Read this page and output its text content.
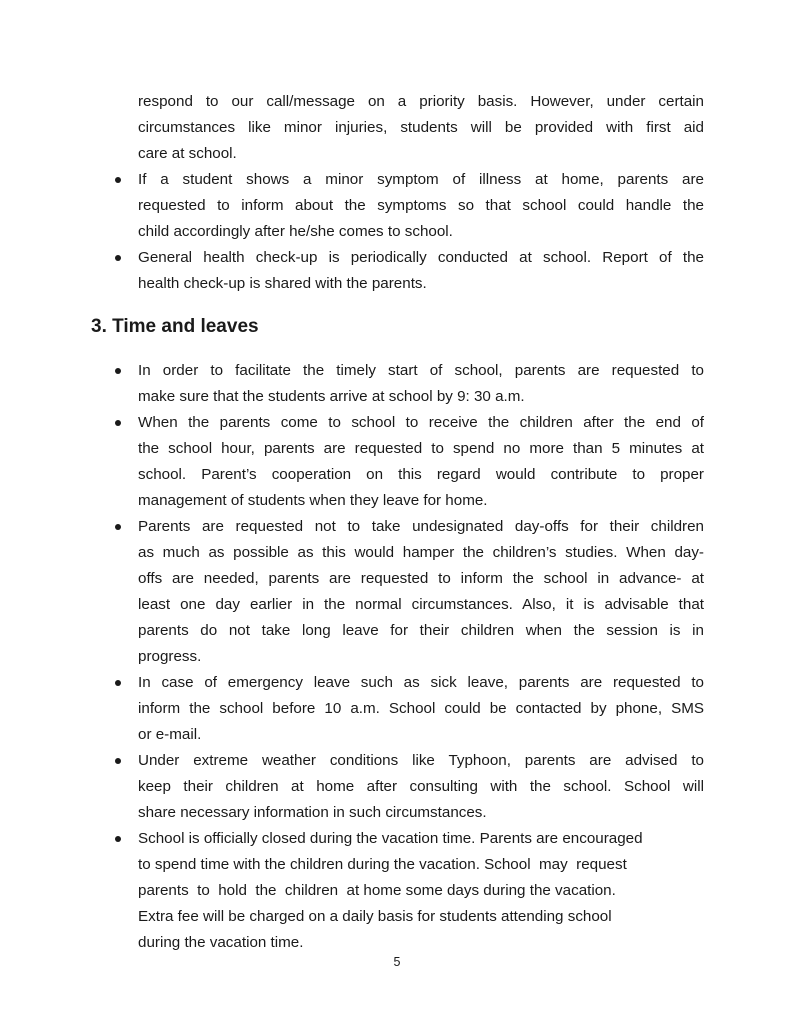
respond to our call/message on a priority basis. However, under certain
circumstances like minor injuries, students will be provided with first aid
care at school.
If a student shows a minor symptom of illness at home, parents are
requested to inform about the symptoms so that school could handle the
child accordingly after he/she comes to school.
General health check-up is periodically conducted at school. Report of the
health check-up is shared with the parents.
3. Time and leaves
In order to facilitate the timely start of school, parents are requested to
make sure that the students arrive at school by 9: 30 a.m.
When the parents come to school to receive the children after the end of
the school hour, parents are requested to spend no more than 5 minutes at
school. Parent’s cooperation on this regard would contribute to proper
management of students when they leave for home.
Parents are requested not to take undesignated day-offs for their children
as much as possible as this would hamper the children’s studies. When day-
offs are needed, parents are requested to inform the school in advance- at
least one day earlier in the normal circumstances. Also, it is advisable that
parents do not take long leave for their children when the session is in
progress.
In case of emergency leave such as sick leave, parents are requested to
inform the school before 10 a.m. School could be contacted by phone, SMS
or e-mail.
Under extreme weather conditions like Typhoon, parents are advised to
keep their children at home after consulting with the school. School will
share necessary information in such circumstances.
School is officially closed during the vacation time. Parents are encouraged
to spend time with the children during the vacation. School  may  request
parents  to  hold  the  children  at home some days during the vacation.
Extra fee will be charged on a daily basis for students attending school
during the vacation time.
5
